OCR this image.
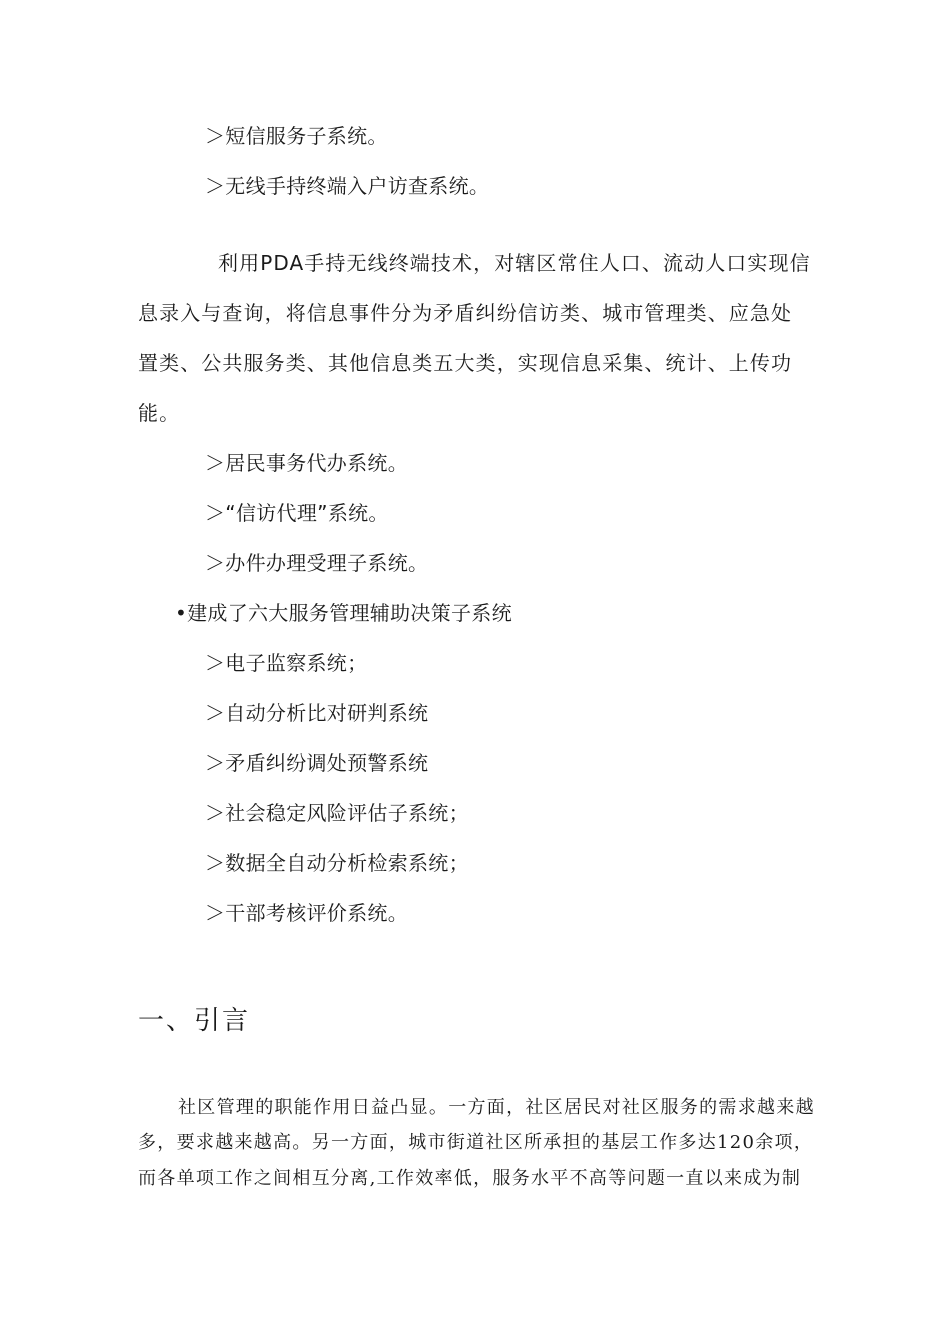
＞短信服务子系统。
＞无线手持终端入户访查系统。
利用PDA手持无线终端技术，对辖区常住人口、流动人口实现信
息录入与查询，将信息事件分为矛盾纠纷信访类、城市管理类、应急处
置类、公共服务类、其他信息类五大类，实现信息采集、统计、上传功
能。
＞居民事务代办系统。
＞“信访代理”系统。
＞办件办理受理子系统。
•建成了六大服务管理辅助决策子系统
＞电子监察系统；
＞自动分析比对研判系统
＞矛盾纠纷调处预警系统
＞社会稳定风险评估子系统；
＞数据全自动分析检索系统；
＞干部考核评价系统。
一、引言
社区管理的职能作用日益凸显。一方面，社区居民对社区服务的需求越来越
多，要求越来越高。另一方面，城市街道社区所承担的基层工作多达120余项，
而各单项工作之间相互分离,工作效率低，服务水平不高等问题一直以来成为制
